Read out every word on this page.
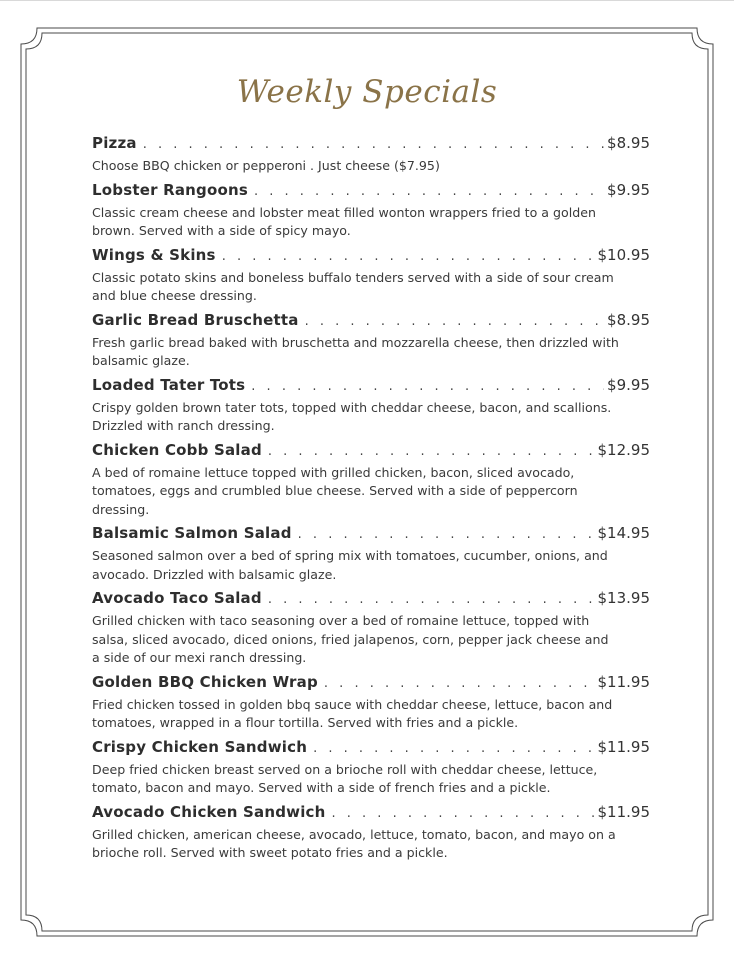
Weekly Specials
Pizza . . .	$8.95
Choose BBQ chicken or pepperoni . Just cheese ($7.95)
Lobster Rangoons . . .	$9.95
Classic cream cheese and lobster meat filled wonton wrappers fried to a golden brown. Served with a side of spicy mayo.
Wings & Skins . . .	$10.95
Classic potato skins and boneless buffalo tenders served with a side of sour cream and blue cheese dressing.
Garlic Bread Bruschetta . . .	$8.95
Fresh garlic bread baked with bruschetta and mozzarella cheese, then drizzled with balsamic glaze.
Loaded Tater Tots . . .	$9.95
Crispy golden brown tater tots, topped with cheddar cheese, bacon, and scallions. Drizzled with ranch dressing.
Chicken Cobb Salad . . .	$12.95
A bed of romaine lettuce topped with grilled chicken, bacon, sliced avocado, tomatoes, eggs and crumbled blue cheese. Served with a side of peppercorn dressing.
Balsamic Salmon Salad . . .	$14.95
Seasoned salmon over a bed of spring mix with tomatoes, cucumber, onions, and avocado. Drizzled with balsamic glaze.
Avocado Taco Salad . . .	$13.95
Grilled chicken with taco seasoning over a bed of romaine lettuce, topped with salsa, sliced avocado, diced onions, fried jalapenos, corn, pepper jack cheese and a side of our mexi ranch dressing.
Golden BBQ Chicken Wrap . . .	$11.95
Fried chicken tossed in golden bbq sauce with cheddar cheese, lettuce, bacon and tomatoes, wrapped in a flour tortilla. Served with fries and a pickle.
Crispy Chicken Sandwich . . .	$11.95
Deep fried chicken breast served on a brioche roll with cheddar cheese, lettuce, tomato, bacon and mayo. Served with a side of french fries and a pickle.
Avocado Chicken Sandwich . . .	$11.95
Grilled chicken, american cheese, avocado, lettuce, tomato, bacon, and mayo on a brioche roll. Served with sweet potato fries and a pickle.
